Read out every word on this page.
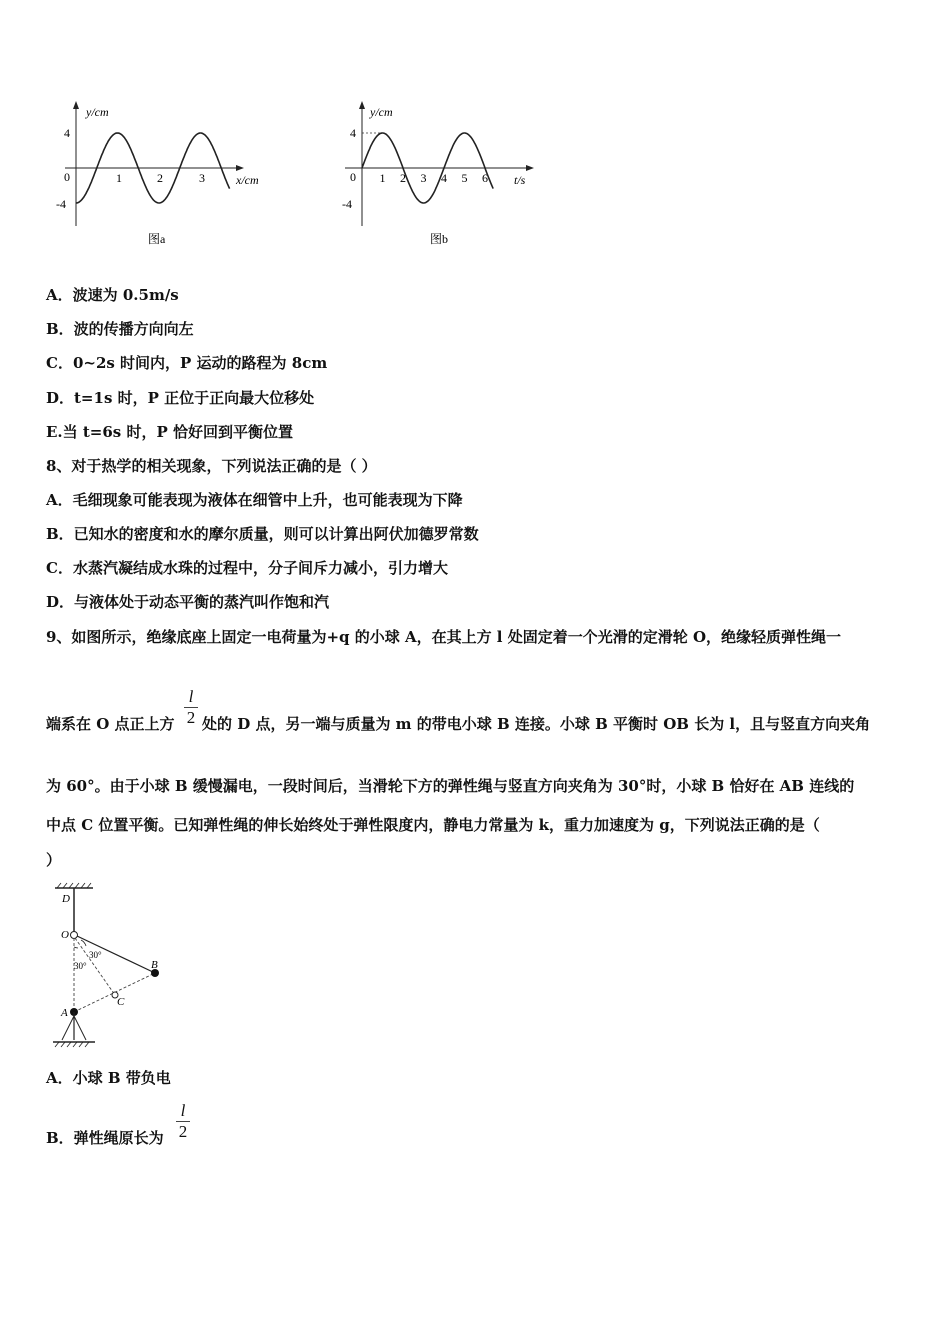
y/cm
x/cm
4
0
-4
1	2	3
图a
y/cm
t/s
4
0
-4
1 2 3 4 5 6
图b
A．波速为 0.5m/s
B．波的传播方向向左
C．0~2s 时间内，P 运动的路程为 8cm
D．t=1s 时，P 正位于正向最大位移处
E.当 t=6s 时，P 恰好回到平衡位置
8、对于热学的相关现象，下列说法正确的是（ ）
A．毛细现象可能表现为液体在细管中上升，也可能表现为下降
B．已知水的密度和水的摩尔质量，则可以计算出阿伏加德罗常数
C．水蒸汽凝结成水珠的过程中，分子间斥力减小，引力增大
D．与液体处于动态平衡的蒸汽叫作饱和汽
9、如图所示，绝缘底座上固定一电荷量为+q 的小球 A，在其上方 l 处固定着一个光滑的定滑轮 O，绝缘轻质弹性绳一
端系在 O 点正上方
l
2 处的 D 点，另一端与质量为 m 的带电小球 B 连接。小球 B 平衡时 OB 长为 l，且与竖直方向夹角
为 60°。由于小球 B 缓慢漏电，一段时间后，当滑轮下方的弹性绳与竖直方向夹角为 30°时，小球 B 恰好在 AB 连线的
中点 C 位置平衡。已知弹性绳的伸长始终处于弹性限度内，静电力常量为 k，重力加速度为 g，下列说法正确的是（
）
D
O
B
C
A
30°
30°
A．小球 B 带负电
B．弹性绳原长为
l
2
